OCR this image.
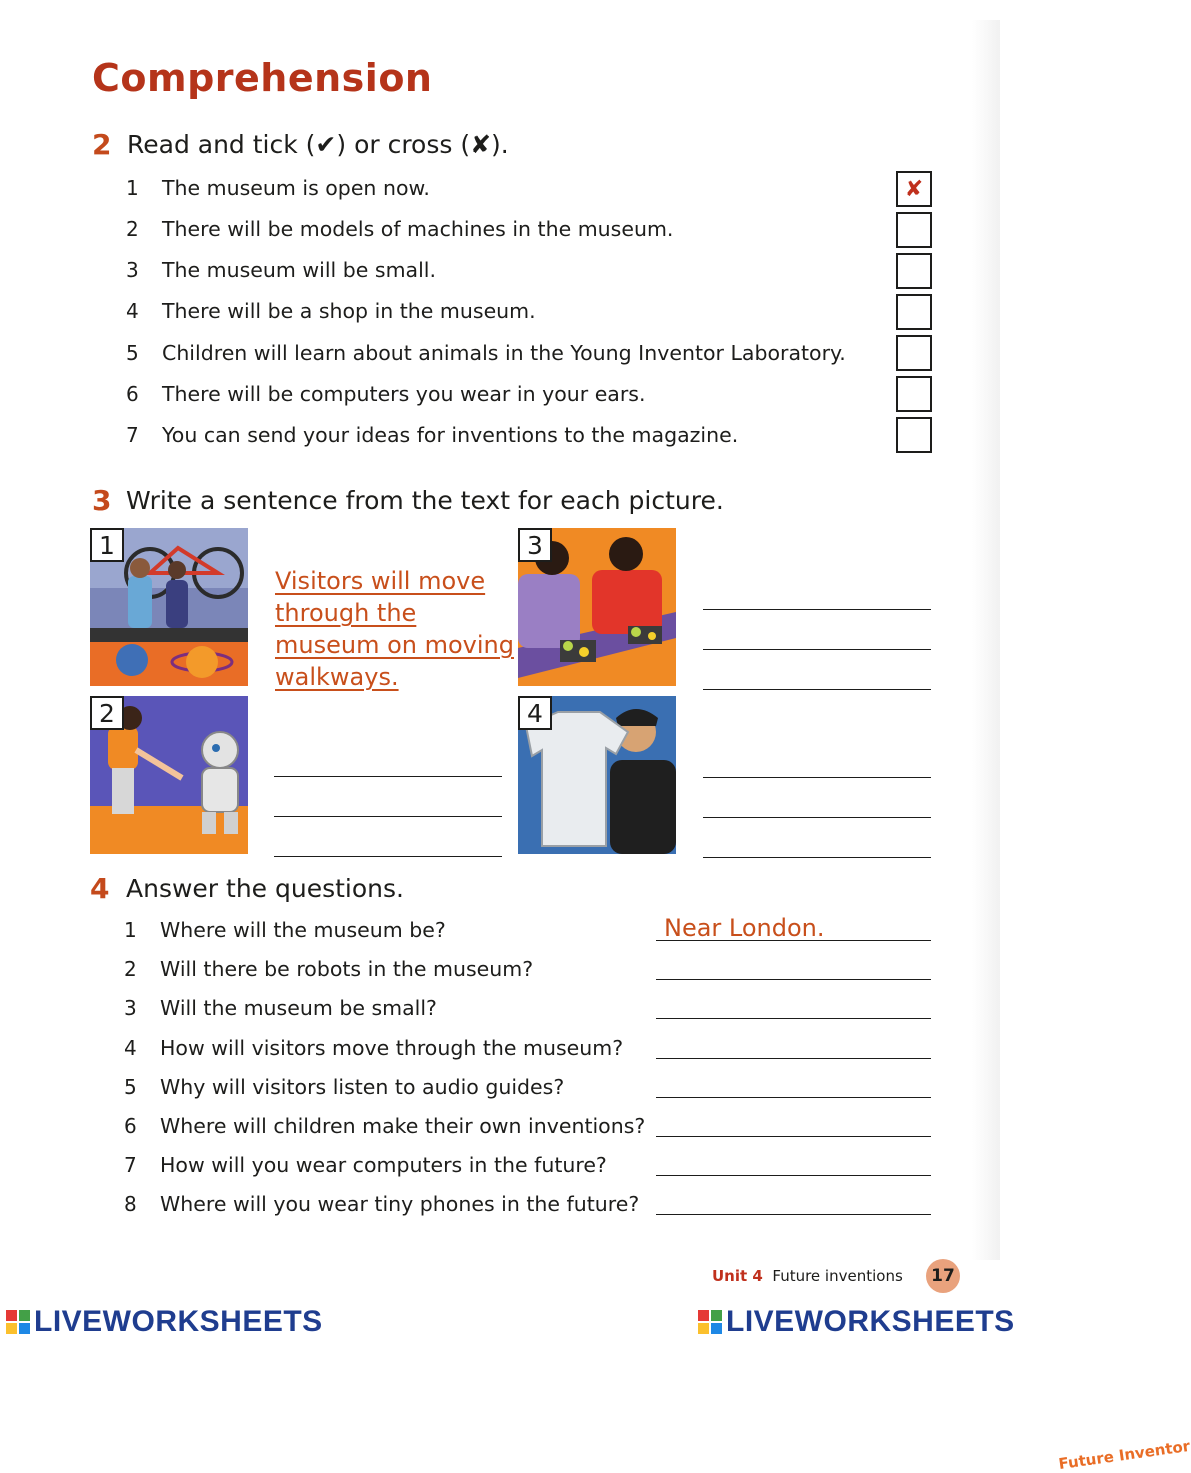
Comprehension
2 Read and tick (✔) or cross (✘).
1 The museum is open now.	✘
2 There will be models of machines in the museum.
3 The museum will be small.
4 There will be a shop in the museum.
5 Children will learn about animals in the Young Inventor Laboratory.
6 There will be computers you wear in your ears.
7 You can send your ideas for inventions to the magazine.
3 Write a sentence from the text for each picture.
1
2
3
Future Inventor
4
Visitors will move
through the
museum on moving
walkways.
4 Answer the questions.
1 Where will the museum be?	Near London.
2 Will there be robots in the museum?
3 Will the museum be small?
4 How will visitors move through the museum?
5 Why will visitors listen to audio guides?
6 Where will children make their own inventions?
7 How will you wear computers in the future?
8 Where will you wear tiny phones in the future?
Unit 4 Future inventions	17
LIVEWORKSHEETS	LIVEWORKSHEETS
